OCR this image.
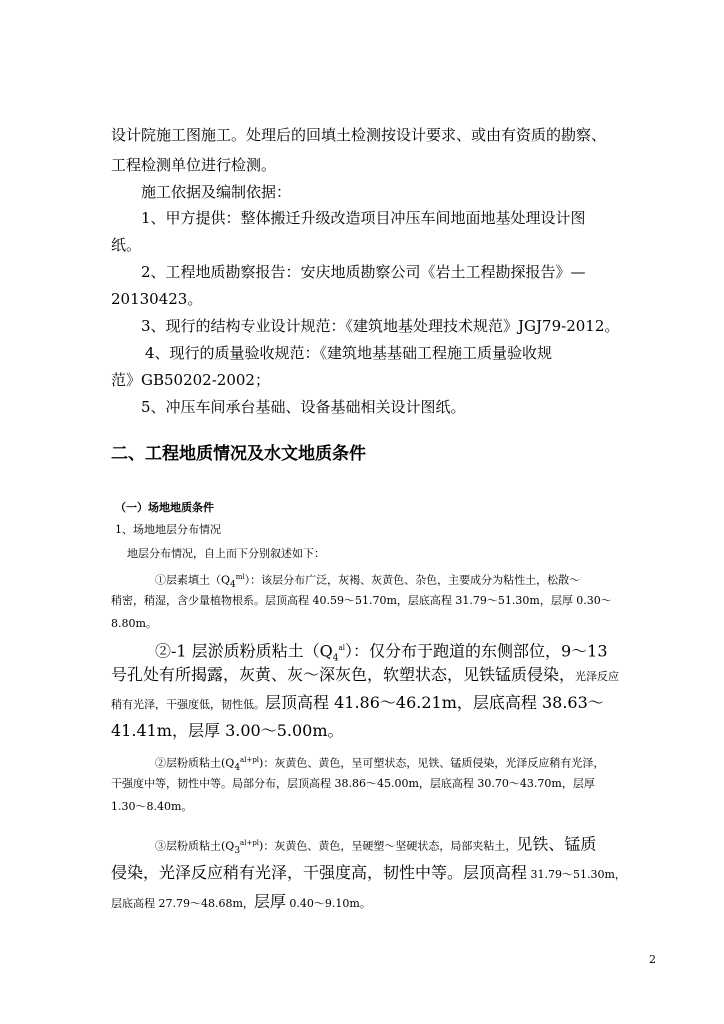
设计院施工图施工。处理后的回填土检测按设计要求、或由有资质的勘察、
工程检测单位进行检测。
施工依据及编制依据：
1、甲方提供：整体搬迁升级改造项目冲压车间地面地基处理设计图
纸。
2、工程地质勘察报告：安庆地质勘察公司《岩土工程勘探报告》—
20130423。
3、现行的结构专业设计规范：《建筑地基处理技术规范》JGJ79-2012。
4、现行的质量验收规范：《建筑地基基础工程施工质量验收规
范》GB50202-2002；
5、冲压车间承台基础、设备基础相关设计图纸。
二、工程地质情况及水文地质条件
（一）场地地质条件
1、场地地层分布情况
地层分布情况，自上而下分别叙述如下：
①层素填土$(Q_4^{ml})$：该层分布广泛，灰褐、灰黄色、杂色，主要成分为粘性土，松散～
稍密，稍湿，含少量植物根系。层顶高程 40.59～51.70m，层底高程 31.79～51.30m，层厚 0.30～
8.80m。
②-1 层淤质粉质粘土$(Q_4^{al})$：仅分布于跑道的东侧部位，9～13
号孔处有所揭露，灰黄、灰～深灰色，软塑状态，见铁锰质侵染，光泽反应
稍有光泽，干强度低，韧性低。层顶高程 41.86～46.21m，层底高程 38.63～
41.41m，层厚 3.00～5.00m。
②层粉质粘土$(Q_4^{al+pl})$：灰黄色、黄色，呈可塑状态，见铁、锰质侵染，光泽反应稍有光泽，
干强度中等，韧性中等。局部分布，层顶高程 38.86～45.00m，层底高程 30.70～43.70m，层厚
1.30～8.40m。
③层粉质粘土$(Q_3^{al+pl})$：灰黄色、黄色，呈硬塑～坚硬状态，局部夹粘土，见铁、锰质
侵染，光泽反应稍有光泽，干强度高，韧性中等。层顶高程 31.79～51.30m，
层底高程 27.79～48.68m，层厚 0.40～9.10m。
2
